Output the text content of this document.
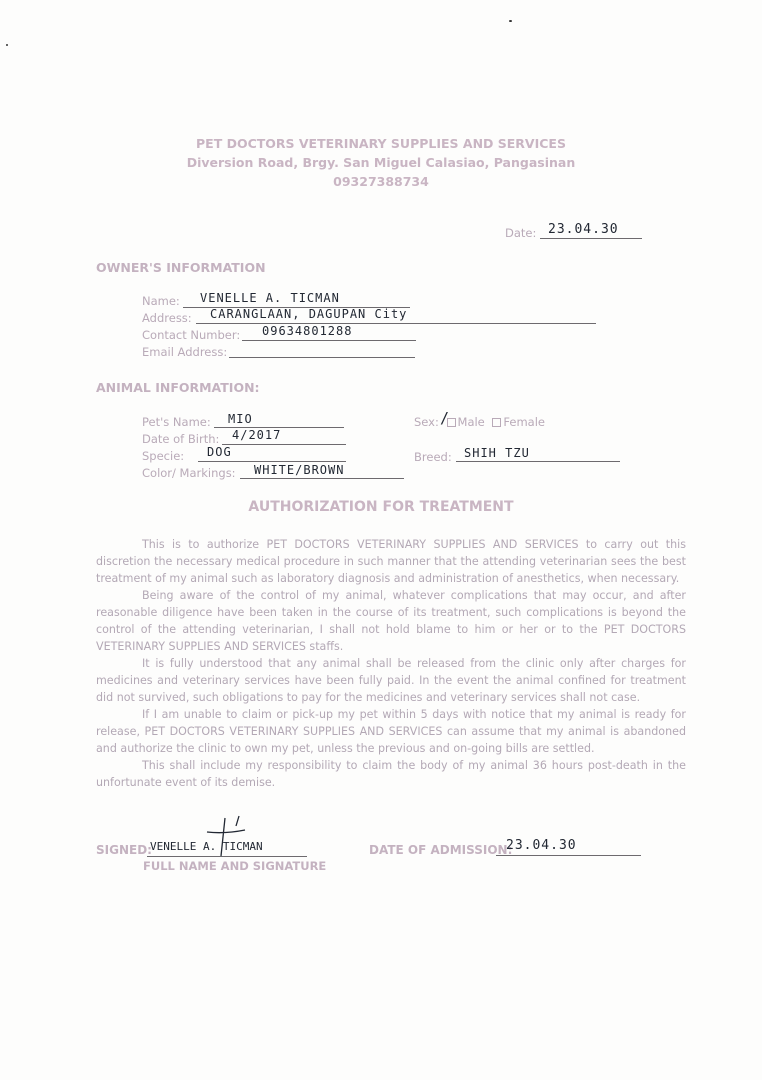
PET DOCTORS VETERINARY SUPPLIES AND SERVICES
Diversion Road, Brgy. San Miguel Calasiao, Pangasinan
09327388734
Date: 23.04.30
OWNER'S INFORMATION
Name: VENELLE A. TICMAN
Address: CARANGLAAN, DAGUPAN City
Contact Number: 09634801288
Email Address:
ANIMAL INFORMATION:
Pet's Name: MIO
Date of Birth: 4/2017
Specie: DOG
Color/ Markings: WHITE/BROWN
Sex: Male Female
/
Breed: SHIH TZU
AUTHORIZATION FOR TREATMENT

This is to authorize PET DOCTORS VETERINARY SUPPLIES AND SERVICES to carry out this discretion the necessary medical procedure in such manner that the attending veterinarian sees the best treatment of my animal such as laboratory diagnosis and administration of anesthetics, when necessary.

Being aware of the control of my animal, whatever complications that may occur, and after reasonable diligence have been taken in the course of its treatment, such complications is beyond the control of the attending veterinarian, I shall not hold blame to him or her or to the PET DOCTORS VETERINARY SUPPLIES AND SERVICES staffs.

It is fully understood that any animal shall be released from the clinic only after charges for medicines and veterinary services have been fully paid. In the event the animal confined for treatment did not survived, such obligations to pay for the medicines and veterinary services shall not case.

If I am unable to claim or pick-up my pet within 5 days with notice that my animal is ready for release, PET DOCTORS VETERINARY SUPPLIES AND SERVICES can assume that my animal is abandoned and authorize the clinic to own my pet, unless the previous and on-going bills are settled.

This shall include my responsibility to claim the body of my animal 36 hours post-death in the unfortunate event of its demise.

SIGNED:
VENELLE A. TICMAN
FULL NAME AND SIGNATURE
DATE OF ADMISSION:
23.04.30
